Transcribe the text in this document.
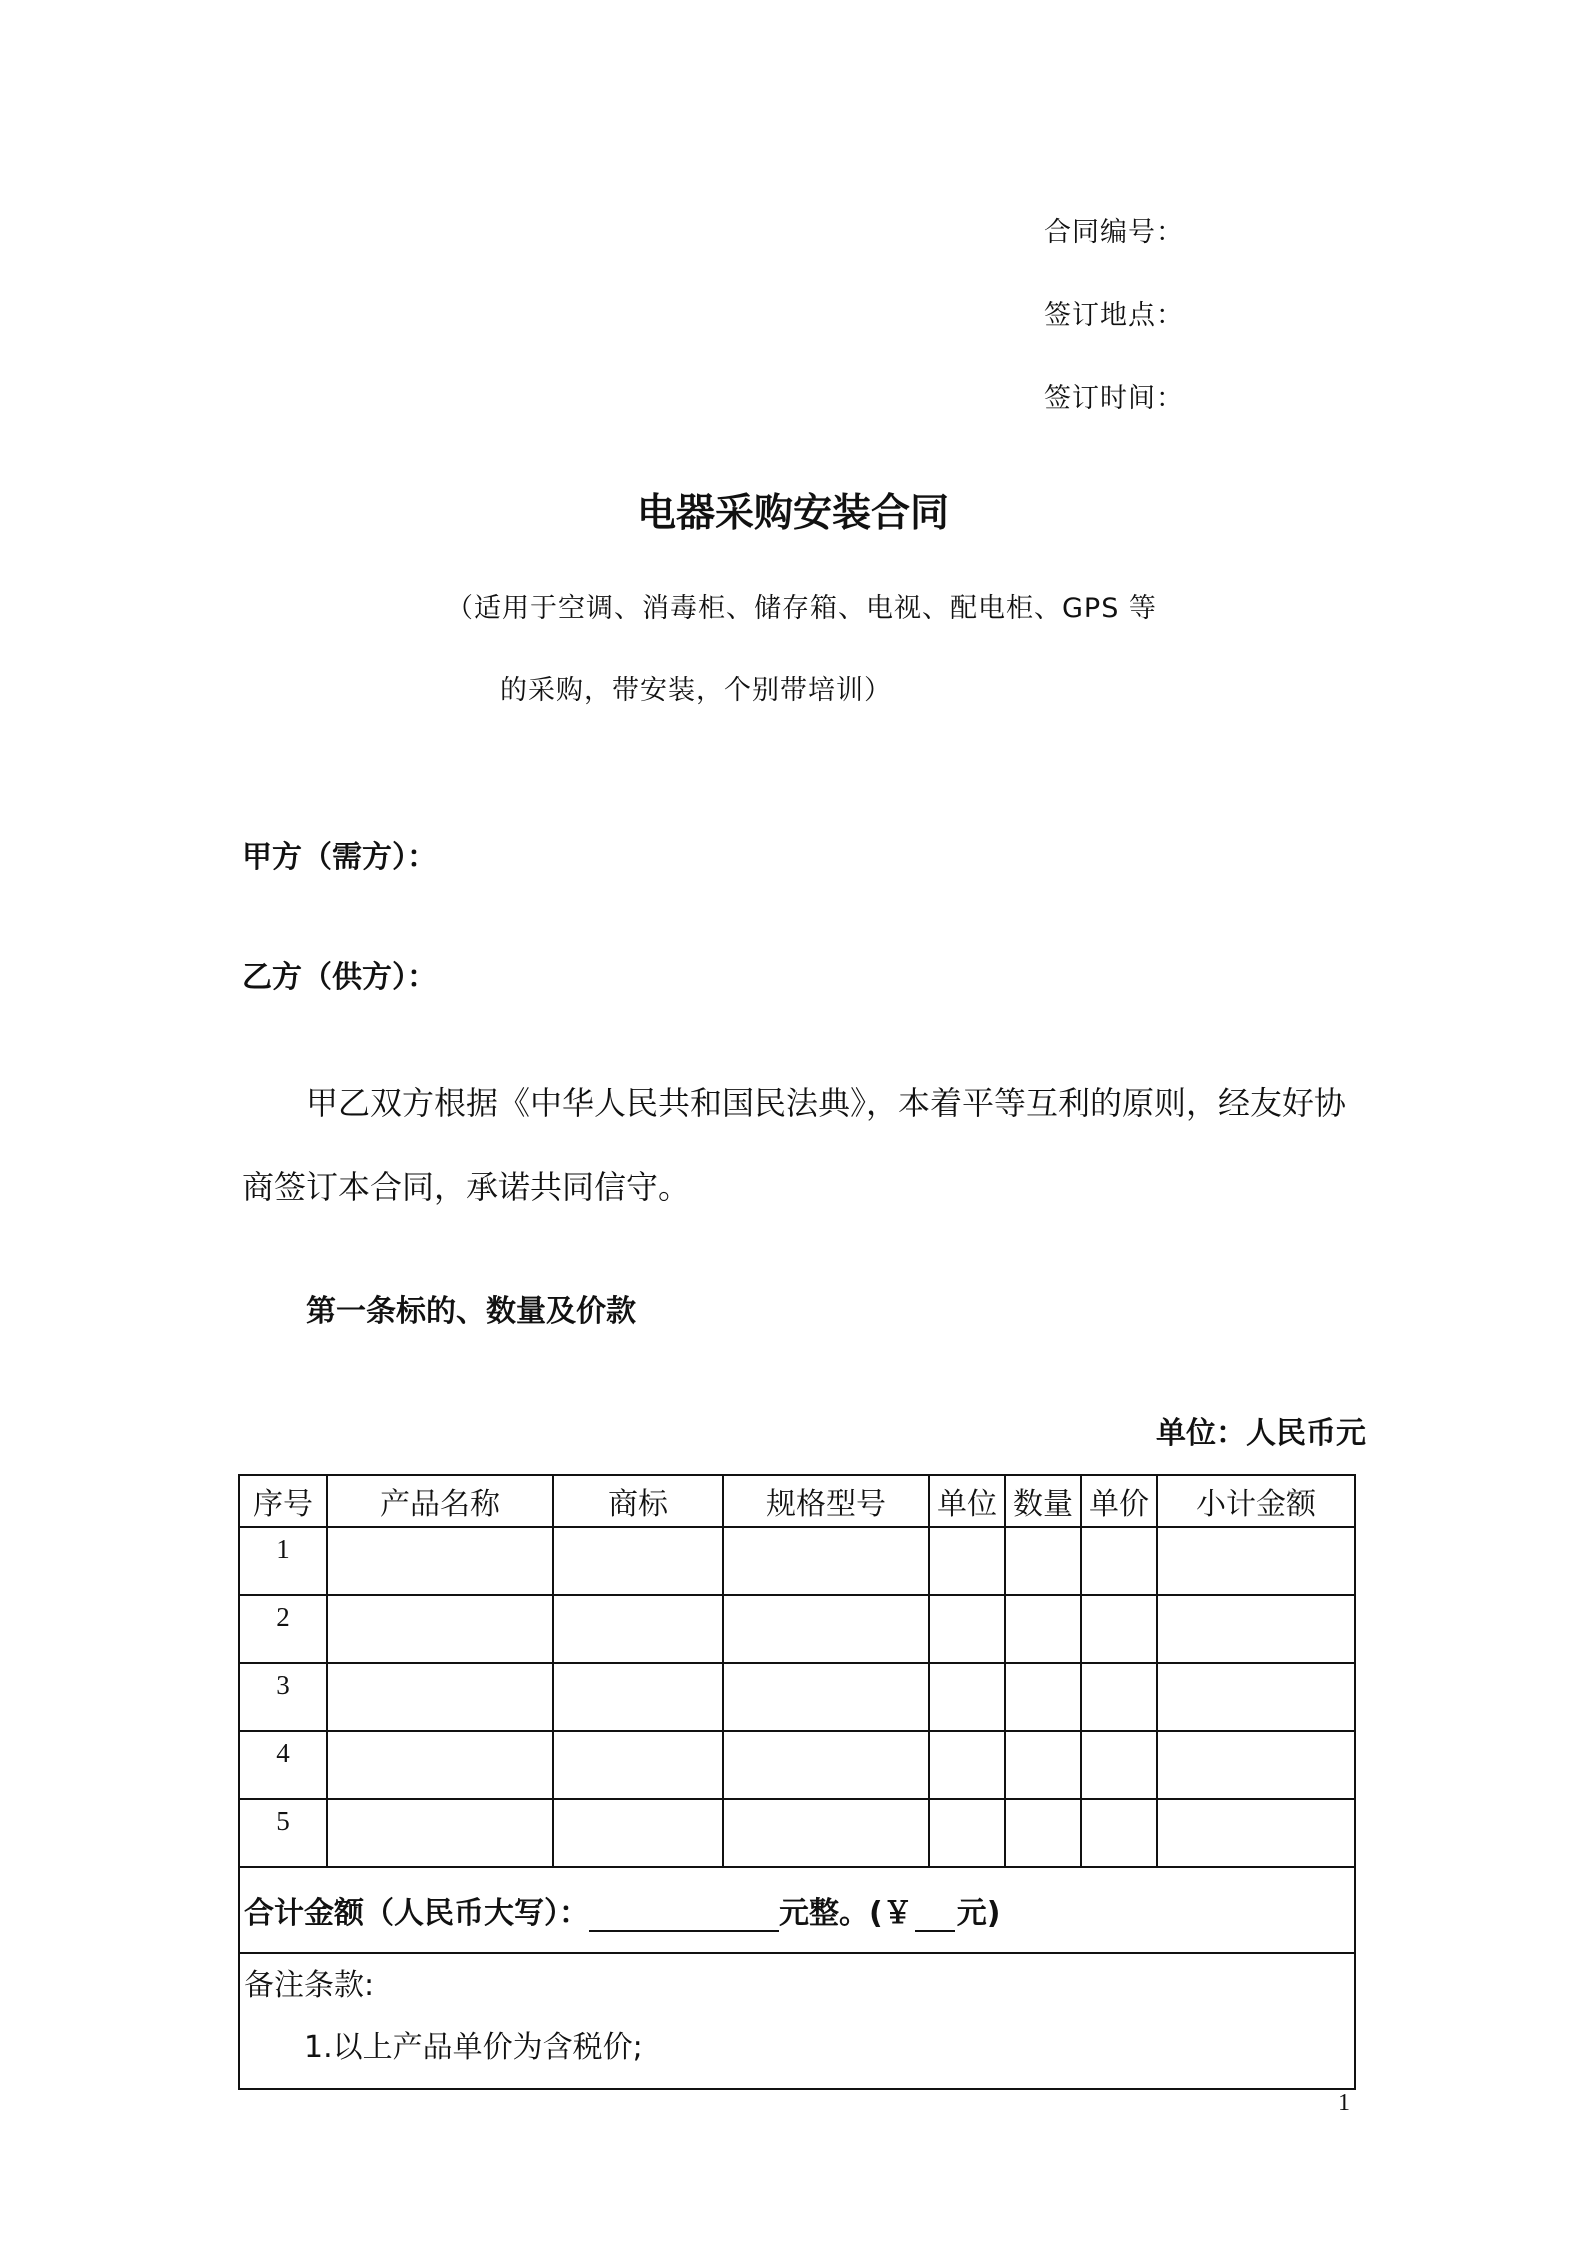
合同编号：
签订地点：
签订时间：
电器采购安装合同
（适用于空调、消毒柜、储存箱、电视、配电柜、GPS 等
的采购，带安装，个别带培训）
甲方（需方）：
乙方（供方）：
甲乙双方根据《中华人民共和国民法典》，本着平等互利的原则，经友好协
商签订本合同，承诺共同信守。
第一条标的、数量及价款
单位：人民币元
序号	产品名称	商标	规格型号	单位	数量	单价	小计金额
1							
2							
3							
4							
5							
合计金额（人民币大写）： 元整。(￥ 元)							

备注条款:
1.以上产品单价为含税价;							
1
